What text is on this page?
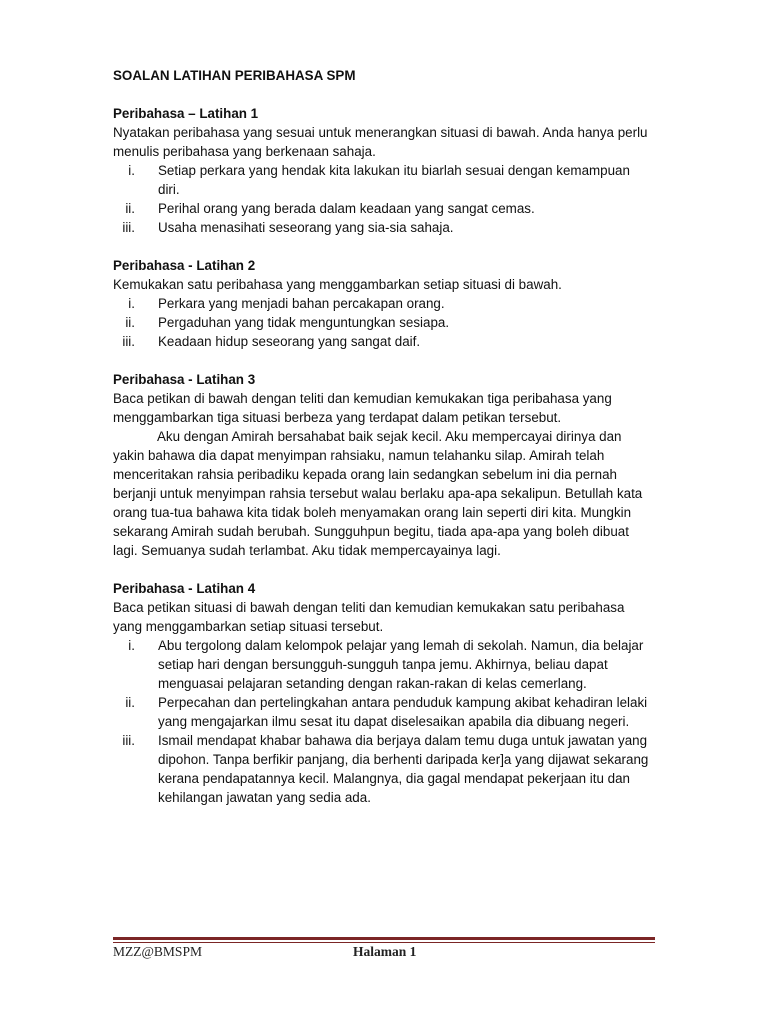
SOALAN LATIHAN PERIBAHASA SPM
Peribahasa – Latihan 1

Nyatakan peribahasa yang sesuai untuk menerangkan situasi di bawah. Anda hanya perlu menulis peribahasa yang berkenaan sahaja.

i. Setiap perkara yang hendak kita lakukan itu biarlah sesuai dengan kemampuan diri.
ii. Perihal orang yang berada dalam keadaan yang sangat cemas.
iii. Usaha menasihati seseorang yang sia-sia sahaja.
Peribahasa - Latihan 2

Kemukakan satu peribahasa yang menggambarkan setiap situasi di bawah.

i. Perkara yang menjadi bahan percakapan orang.
ii. Pergaduhan yang tidak menguntungkan sesiapa.
iii. Keadaan hidup seseorang yang sangat daif.
Peribahasa - Latihan 3

Baca petikan di bawah dengan teliti dan kemudian kemukakan tiga peribahasa yang menggambarkan tiga situasi berbeza yang terdapat dalam petikan tersebut.

Aku dengan Amirah bersahabat baik sejak kecil. Aku mempercayai dirinya dan yakin bahawa dia dapat menyimpan rahsiaku, namun telahanku silap. Amirah telah menceritakan rahsia peribadiku kepada orang lain sedangkan sebelum ini dia pernah berjanji untuk menyimpan rahsia tersebut walau berlaku apa-apa sekalipun. Betullah kata orang tua-tua bahawa kita tidak boleh menyamakan orang lain seperti diri kita. Mungkin sekarang Amirah sudah berubah. Sungguhpun begitu, tiada apa-apa yang boleh dibuat lagi. Semuanya sudah terlambat. Aku tidak mempercayainya lagi.

Peribahasa - Latihan 4

Baca petikan situasi di bawah dengan teliti dan kemudian kemukakan satu peribahasa yang menggambarkan setiap situasi tersebut.

i. Abu tergolong dalam kelompok pelajar yang lemah di sekolah. Namun, dia belajar setiap hari dengan bersungguh-sungguh tanpa jemu. Akhirnya, beliau dapat menguasai pelajaran setanding dengan rakan-rakan di kelas cemerlang.
ii. Perpecahan dan pertelingkahan antara penduduk kampung akibat kehadiran lelaki yang mengajarkan ilmu sesat itu dapat diselesaikan apabila dia dibuang negeri.
iii. Ismail mendapat khabar bahawa dia berjaya dalam temu duga untuk jawatan yang dipohon. Tanpa berfikir panjang, dia berhenti daripada ker]a yang dijawat sekarang kerana pendapatannya kecil. Malangnya, dia gagal mendapat pekerjaan itu dan kehilangan jawatan yang sedia ada.
MZZ@BMSPM	Halaman 1
